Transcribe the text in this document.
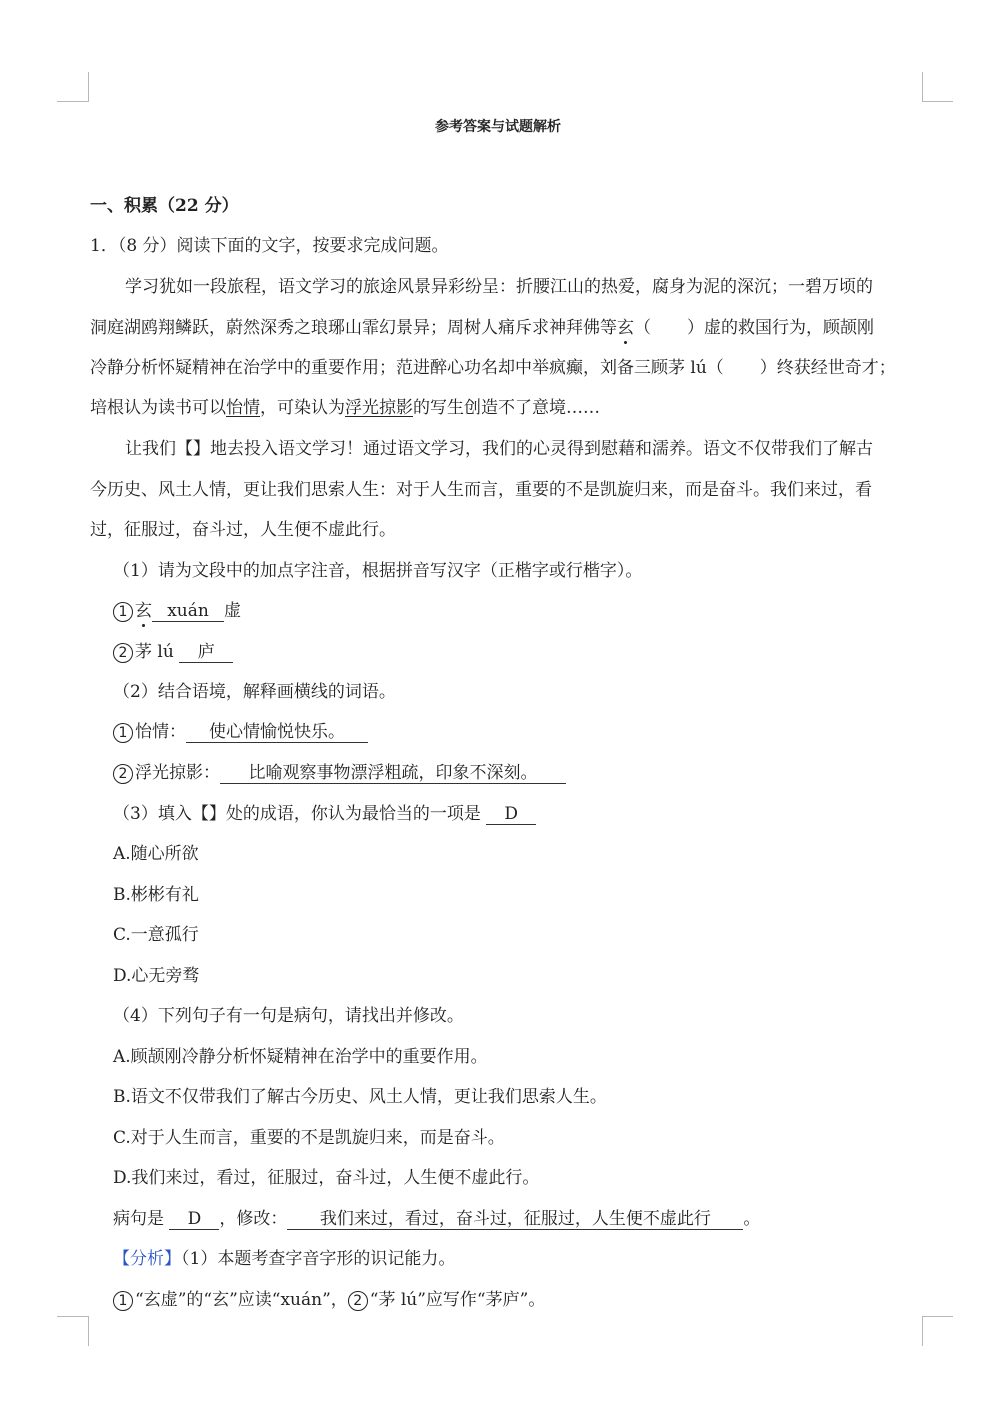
参考答案与试题解析
一、积累（22 分）
1．（8 分）阅读下面的文字，按要求完成问题。
学习犹如一段旅程，语文学习的旅途风景异彩纷呈：折腰江山的热爱，腐身为泥的深沉；一碧万顷的
洞庭湖鸥翔鳞跃，蔚然深秀之琅琊山霏幻景异；周树人痛斥求神拜佛等玄（ ）虚的救国行为，顾颉刚
冷静分析怀疑精神在治学中的重要作用；范进醉心功名却中举疯癫，刘备三顾茅 lú（ ）终获经世奇才；
培根认为读书可以怡情，可染认为浮光掠影的写生创造不了意境……
让我们【】地去投入语文学习！通过语文学习，我们的心灵得到慰藉和濡养。语文不仅带我们了解古
今历史、风土人情，更让我们思索人生：对于人生而言，重要的不是凯旋归来，而是奋斗。我们来过，看
过，征服过，奋斗过，人生便不虚此行。
（1）请为文段中的加点字注音，根据拼音写汉字（正楷字或行楷字）。
1 玄 xuán 虚
2 茅 lú 庐
（2）结合语境，解释画横线的词语。
1 怡情： 使心情愉悦快乐。
2 浮光掠影： 比喻观察事物漂浮粗疏，印象不深刻。
（3）填入【】处的成语，你认为最恰当的一项是 D
A.随心所欲
B.彬彬有礼
C.一意孤行
D.心无旁骛
（4）下列句子有一句是病句，请找出并修改。
A.顾颉刚冷静分析怀疑精神在治学中的重要作用。
B.语文不仅带我们了解古今历史、风土人情，更让我们思索人生。
C.对于人生而言，重要的不是凯旋归来，而是奋斗。
D.我们来过，看过，征服过，奋斗过，人生便不虚此行。
病句是 D ，修改： 我们来过，看过，奋斗过，征服过，人生便不虚此行 。
【分析】（1）本题考查字音字形的识记能力。
1 “玄虚”的“玄”应读“xuán”， 2 “茅 lú”应写作“茅庐”。
